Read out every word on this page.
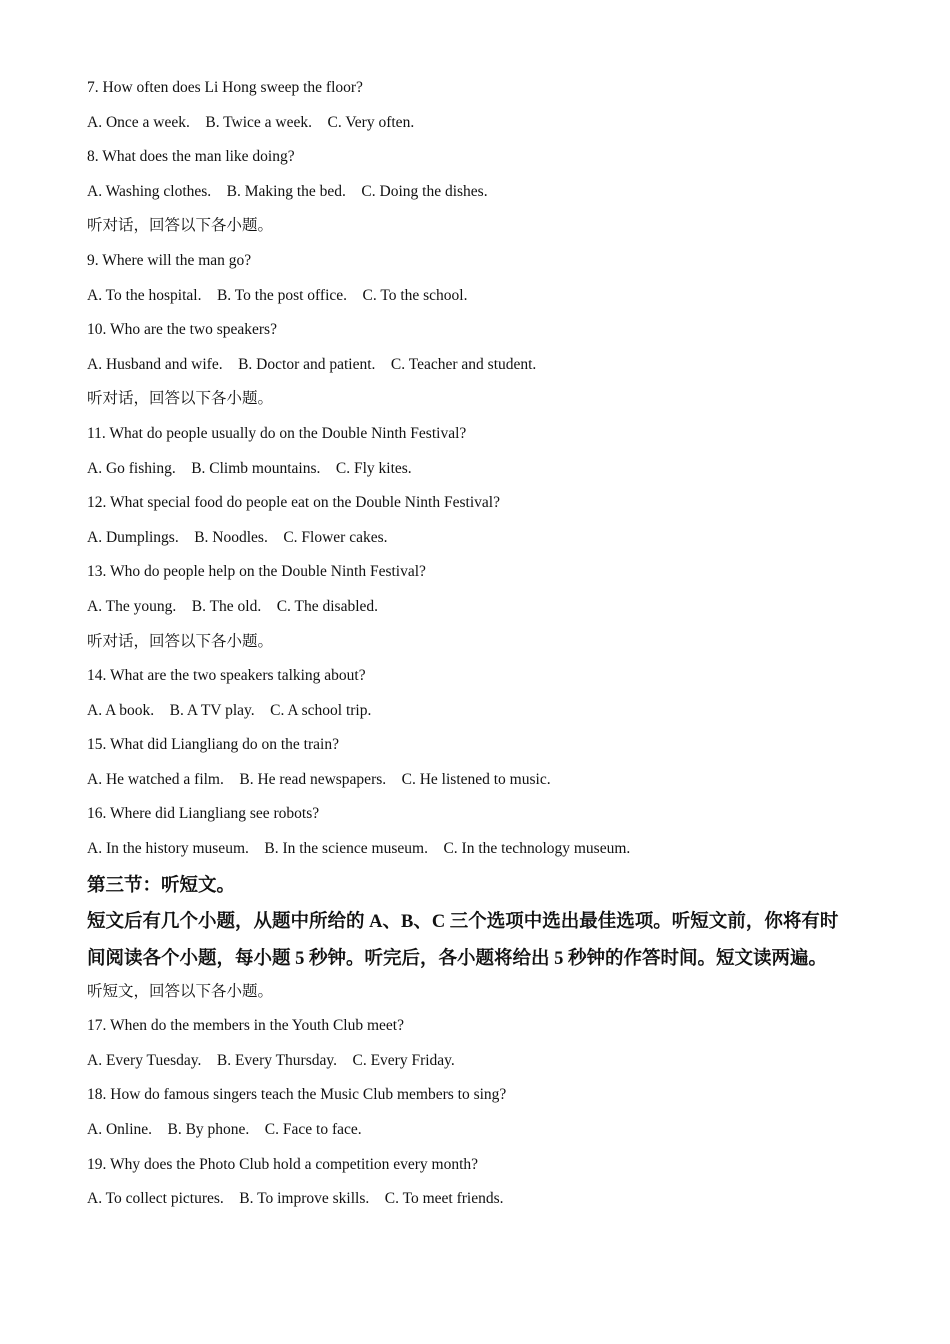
7. How often does Li Hong sweep the floor?
A. Once a week.    B. Twice a week.    C. Very often.
8. What does the man like doing?
A. Washing clothes.    B. Making the bed.    C. Doing the dishes.
听对话，回答以下各小题。
9. Where will the man go?
A. To the hospital.    B. To the post office.    C. To the school.
10. Who are the two speakers?
A. Husband and wife.    B. Doctor and patient.    C. Teacher and student.
听对话，回答以下各小题。
11. What do people usually do on the Double Ninth Festival?
A. Go fishing.    B. Climb mountains.    C. Fly kites.
12. What special food do people eat on the Double Ninth Festival?
A. Dumplings.    B. Noodles.    C. Flower cakes.
13. Who do people help on the Double Ninth Festival?
A. The young.    B. The old.    C. The disabled.
听对话，回答以下各小题。
14. What are the two speakers talking about?
A. A book.    B. A TV play.    C. A school trip.
15. What did Liangliang do on the train?
A. He watched a film.    B. He read newspapers.    C. He listened to music.
16. Where did Liangliang see robots?
A. In the history museum.    B. In the science museum.    C. In the technology museum.
第三节：听短文。
短文后有几个小题，从题中所给的 A、B、C 三个选项中选出最佳选项。听短文前，你将有时
间阅读各个小题，每小题 5 秒钟。听完后，各小题将给出 5 秒钟的作答时间。短文读两遍。
听短文，回答以下各小题。
17. When do the members in the Youth Club meet?
A. Every Tuesday.    B. Every Thursday.    C. Every Friday.
18. How do famous singers teach the Music Club members to sing?
A. Online.    B. By phone.    C. Face to face.
19. Why does the Photo Club hold a competition every month?
A. To collect pictures.    B. To improve skills.    C. To meet friends.
